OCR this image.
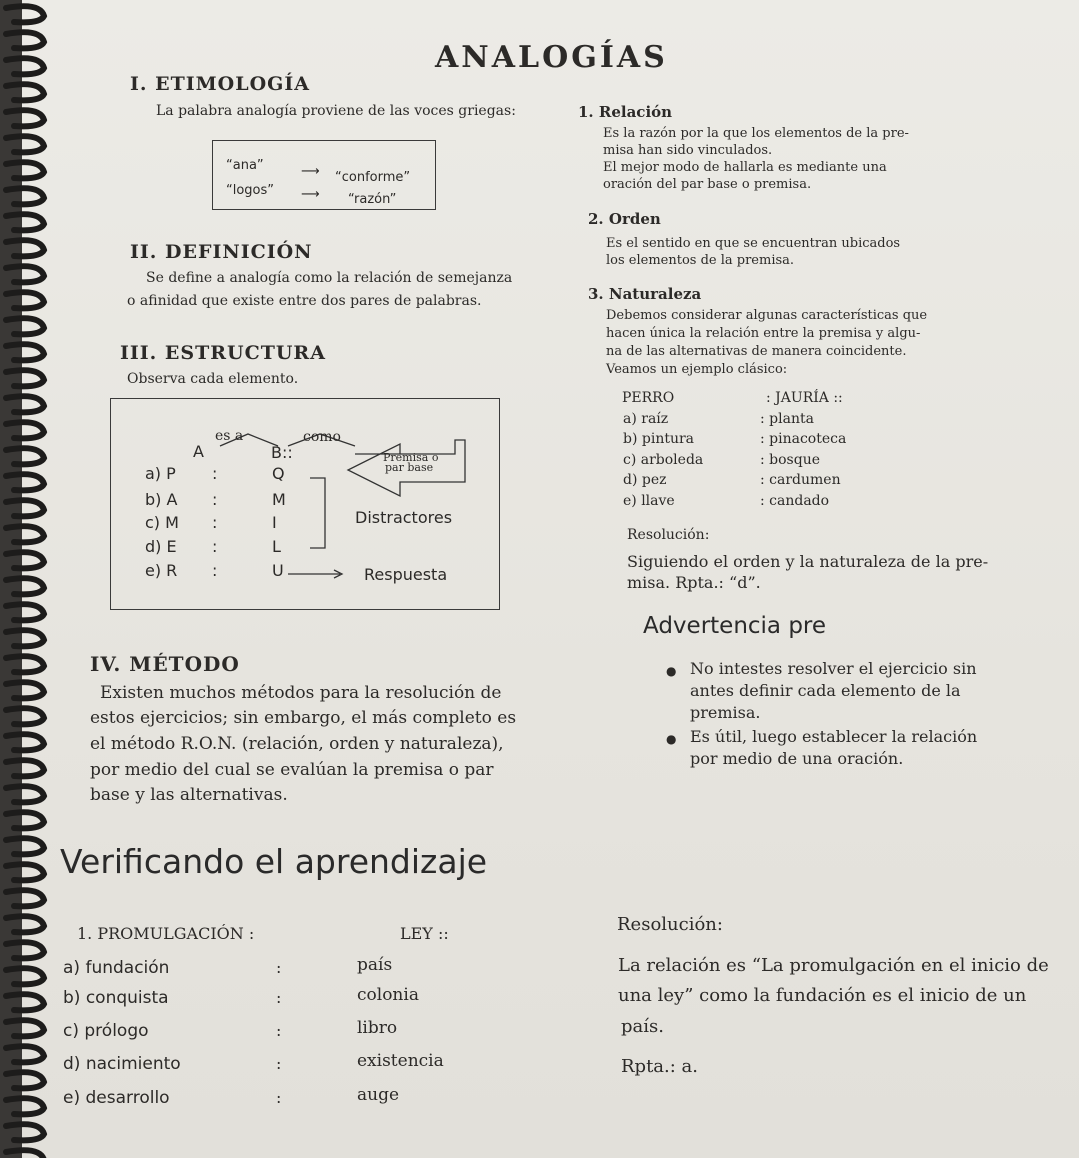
ANALOGÍAS
I. ETIMOLOGÍA
La palabra analogía proviene de las voces griegas:
“ana”	⟶ “conforme”
“logos” ⟶ “razón”
II. DEFINICIÓN
Se define a analogía como la relación de semejanza
o afinidad que existe entre dos pares de palabras.
III. ESTRUCTURA
Observa cada elemento.
es a	como
A	B::	Premisa o
par base
a) P :	Q
b) A :	M
c) M :	I
d) E :	L
e) R :	U
Distractores
Respuesta
1. Relación
Es la razón por la que los elementos de la pre-
misa han sido vinculados.
El mejor modo de hallarla es mediante una
oración del par base o premisa.
2. Orden
Es el sentido en que se encuentran ubicados
los elementos de la premisa.
3. Naturaleza
Debemos considerar algunas características que
hacen única la relación entre la premisa y algu-
na de las alternativas de manera coincidente.
Veamos un ejemplo clásico:
PERRO	: JAURÍA ::
a) raíz	: planta
b) pintura	: pinacoteca
c) arboleda	: bosque
d) pez	: cardumen
e) llave	: candado
Resolución:
Siguiendo el orden y la naturaleza de la pre-
misa. Rpta.: “d”.
Advertencia pre
● No intestes resolver el ejercicio sin
antes definir cada elemento de la
premisa.
● Es útil, luego establecer la relación
por medio de una oración.
IV. MÉTODO
Existen muchos métodos para la resolución de
estos ejercicios; sin embargo, el más completo es
el método R.O.N. (relación, orden y naturaleza),
por medio del cual se evalúan la premisa o par
base y las alternativas.
Verificando el aprendizaje
1. PROMULGACIÓN :	LEY ::
a) fundación	:	país
b) conquista	:	colonia
c) prólogo	:	libro
d) nacimiento	:	existencia
e) desarrollo	:	auge
Resolución:
La relación es “La promulgación en el inicio de
una ley” como la fundación es el inicio de un
país.
Rpta.: a.
